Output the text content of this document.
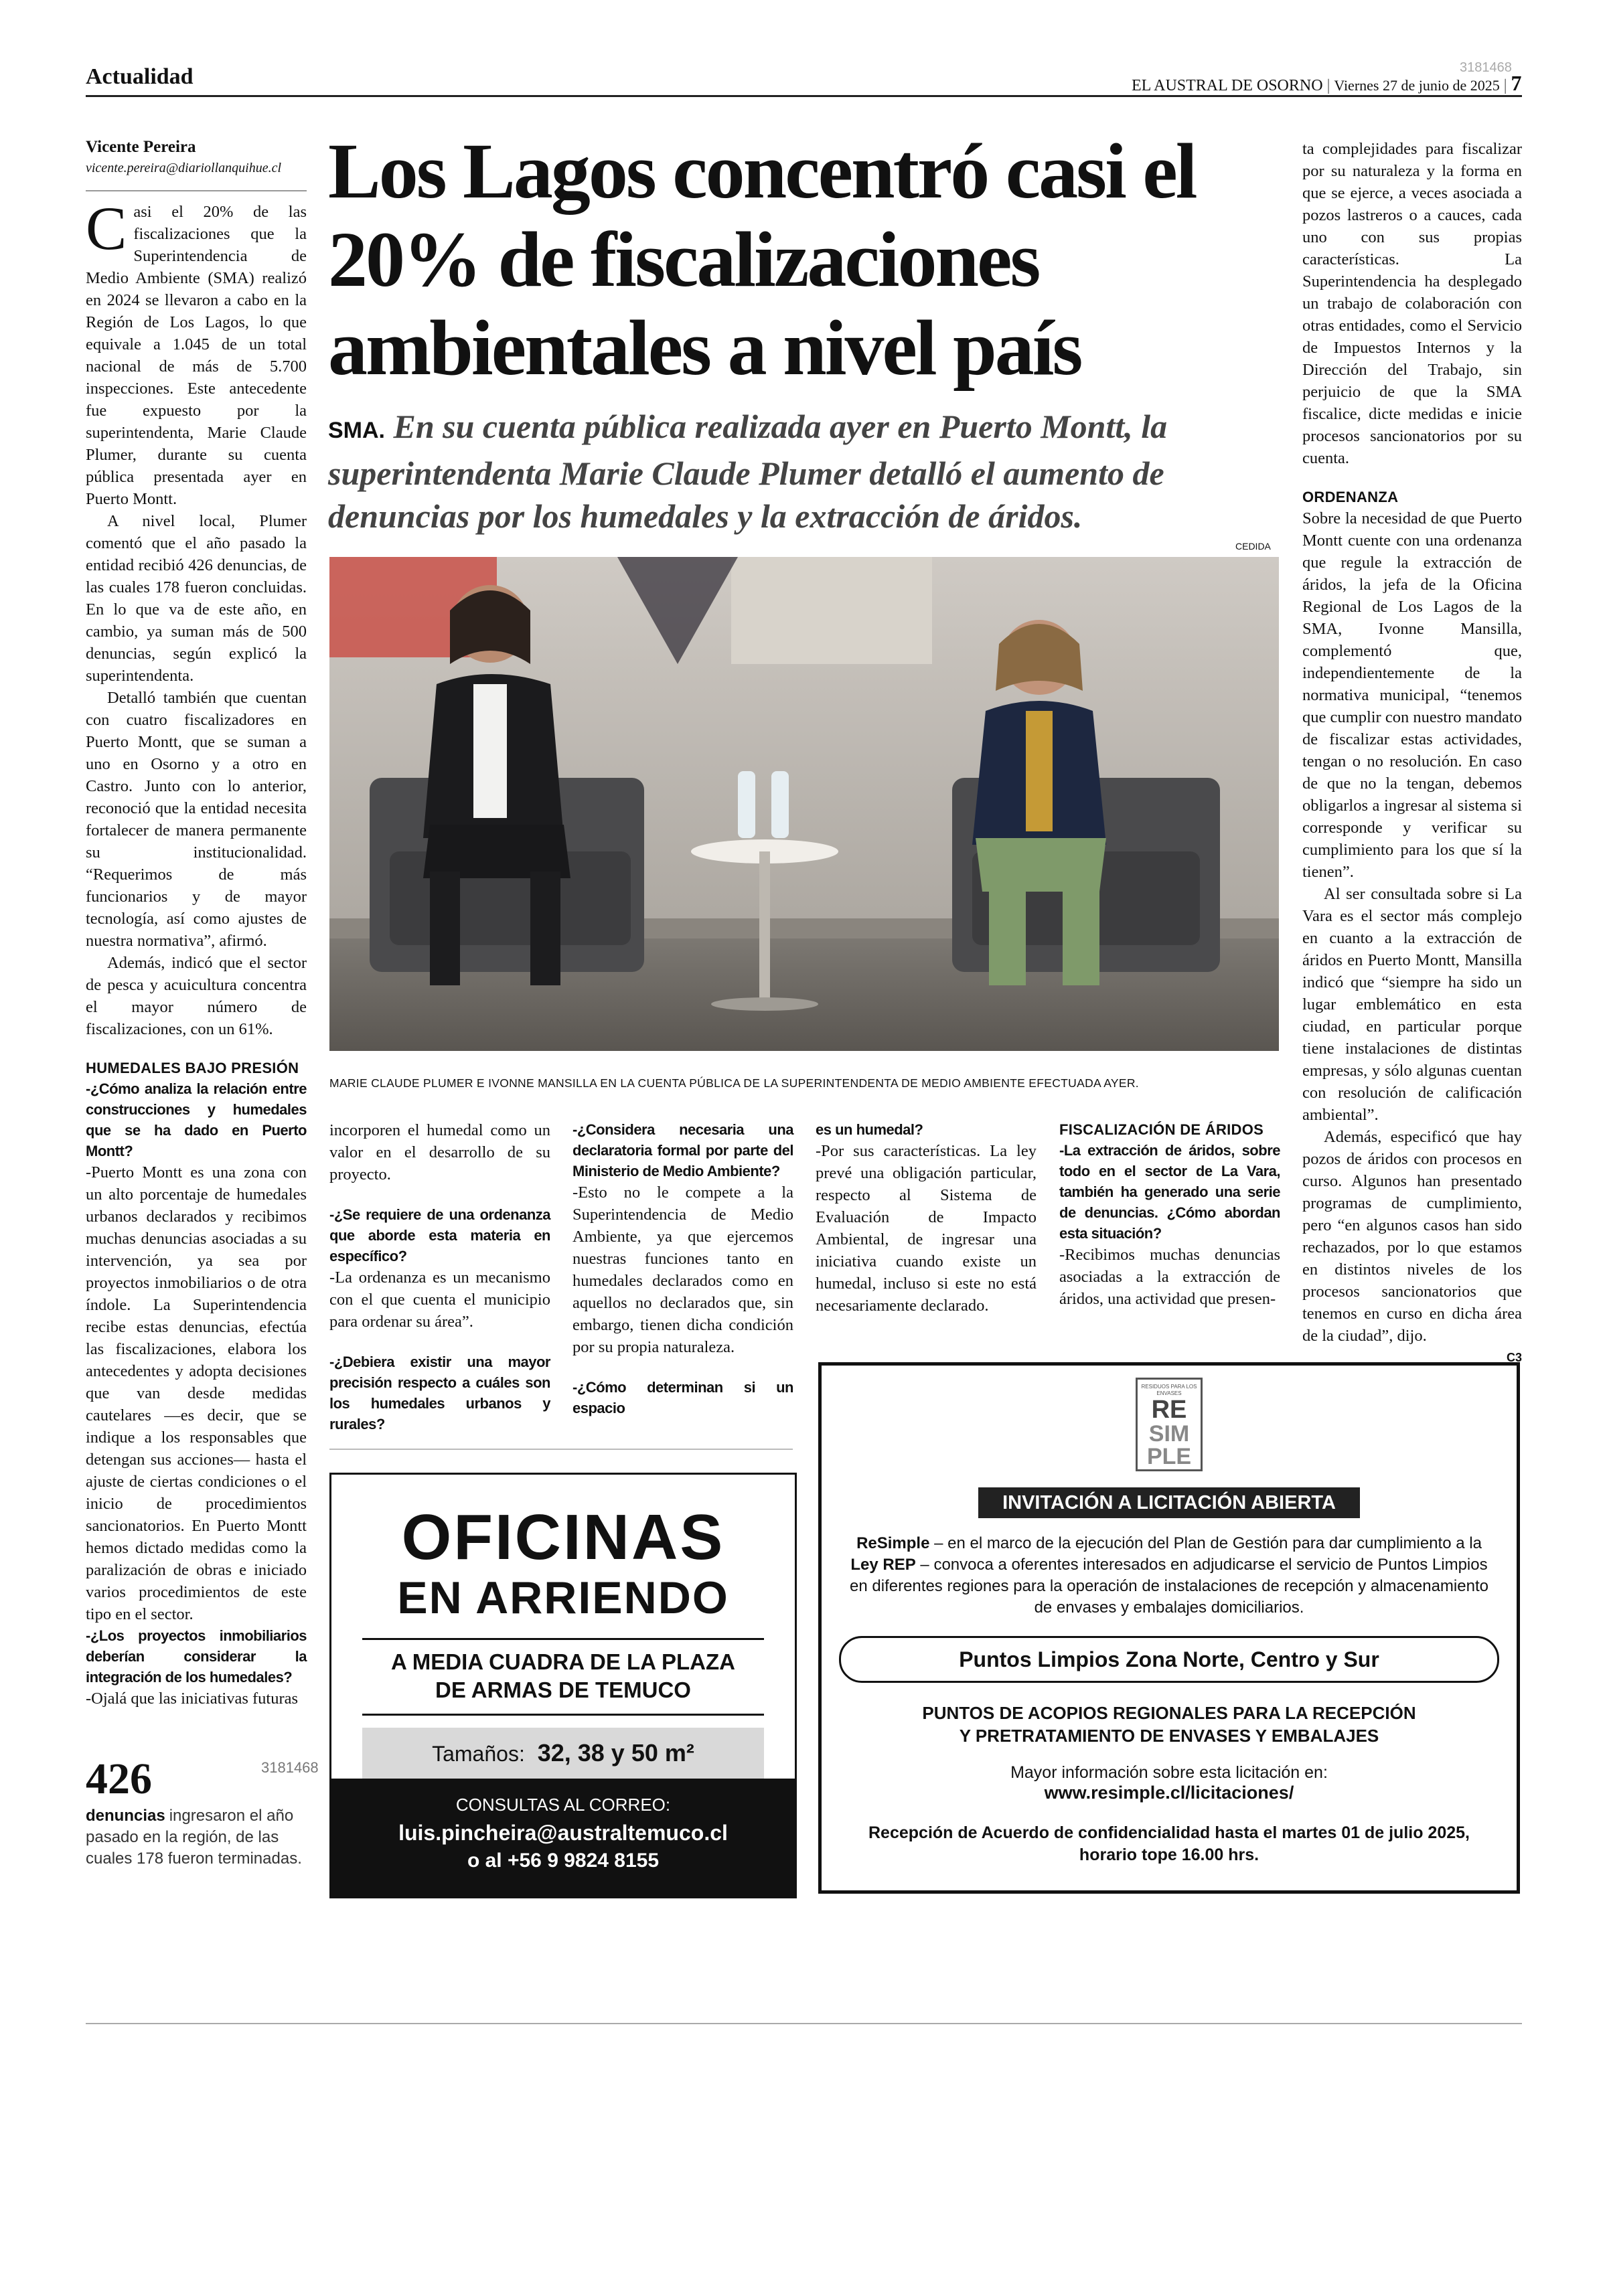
Actualidad	EL AUSTRAL DE OSORNO | Viernes 27 de junio de 2025 | 7
3181468
Vicente Pereira
vicente.pereira@diariollanquihue.cl Los Lagos concentró casi el 20% de fiscalizaciones ambientales a nivel país
SMA. En su cuenta pública realizada ayer en Puerto Montt, la superintendenta Marie Claude Plumer detalló el aumento de denuncias por los humedales y la extracción de áridos.
CEDIDA
MARIE CLAUDE PLUMER E IVONNE MANSILLA EN LA CUENTA PÚBLICA DE LA SUPERINTENDENTA DE MEDIO AMBIENTE EFECTUADA AYER.

Casi el 20% de las fiscalizaciones que la Superintendencia de Medio Ambiente (SMA) realizó en 2024 se llevaron a cabo en la Región de Los Lagos, lo que equivale a 1.045 de un total nacional de más de 5.700 inspecciones. Este antecedente fue expuesto por la superintendenta, Marie Claude Plumer, durante su cuenta pública presentada ayer en Puerto Montt.

A nivel local, Plumer comentó que el año pasado la entidad recibió 426 denuncias, de las cuales 178 fueron concluidas. En lo que va de este año, en cambio, ya suman más de 500 denuncias, según explicó la superintendenta.

Detalló también que cuentan con cuatro fiscalizadores en Puerto Montt, que se suman a uno en Osorno y a otro en Castro. Junto con lo anterior, reconoció que la entidad necesita fortalecer de manera permanente su institucionalidad. “Requerimos de más funcionarios y de mayor tecnología, así como ajustes de nuestra normativa”, afirmó.

Además, indicó que el sector de pesca y acuicultura concentra el mayor número de fiscalizaciones, con un 61%.

HUMEDALES BAJO PRESIÓN

-¿Cómo analiza la relación entre construcciones y humedales que se ha dado en Puerto Montt?

-Puerto Montt es una zona con un alto porcentaje de humedales urbanos declarados y recibimos muchas denuncias asociadas a su intervención, ya sea por proyectos inmobiliarios o de otra índole. La Superintendencia recibe estas denuncias, efectúa las fiscalizaciones, elabora los antecedentes y adopta decisiones que van desde medidas cautelares —es decir, que se indique a los responsables que detengan sus acciones— hasta el ajuste de ciertas condiciones o el inicio de procedimientos sancionatorios. En Puerto Montt hemos dictado medidas como la paralización de obras e iniciado varios procedimientos de este tipo en el sector.

-¿Los proyectos inmobiliarios deberían considerar la integración de los humedales?

-Ojalá que las iniciativas futuras

426
denuncias ingresaron el año pasado en la región, de las cuales 178 fueron terminadas.
3181468

incorporen el humedal como un valor en el desarrollo de su proyecto.

-¿Se requiere de una ordenanza que aborde esta materia en específico?

-La ordenanza es un mecanismo con el que cuenta el municipio para ordenar su área”.

-¿Debiera existir una mayor precisión respecto a cuáles son los humedales urbanos y rurales?

-¿Considera necesaria una declaratoria formal por parte del Ministerio de Medio Ambiente?

-Esto no le compete a la Superintendencia de Medio Ambiente, ya que ejercemos nuestras funciones tanto en humedales declarados como en aquellos no declarados que, sin embargo, tienen dicha condición por su propia naturaleza.

-¿Cómo determinan si un espacio

es un humedal?

-Por sus características. La ley prevé una obligación particular, respecto al Sistema de Evaluación de Impacto Ambiental, de ingresar una iniciativa cuando existe un humedal, incluso si este no está necesariamente declarado.

FISCALIZACIÓN DE ÁRIDOS

-La extracción de áridos, sobre todo en el sector de La Vara, también ha generado una serie de denuncias. ¿Cómo abordan esta situación?

-Recibimos muchas denuncias asociadas a la extracción de áridos, una actividad que presen-

ta complejidades para fiscalizar por su naturaleza y la forma en que se ejerce, a veces asociada a pozos lastreros o a cauces, cada uno con sus propias características. La Superintendencia ha desplegado un trabajo de colaboración con otras entidades, como el Servicio de Impuestos Internos y la Dirección del Trabajo, sin perjuicio de que la SMA fiscalice, dicte medidas e inicie procesos sancionatorios por su cuenta.

ORDENANZA

Sobre la necesidad de que Puerto Montt cuente con una ordenanza que regule la extracción de áridos, la jefa de la Oficina Regional de Los Lagos de la SMA, Ivonne Mansilla, complementó que, independientemente de la normativa municipal, “tenemos que cumplir con nuestro mandato de fiscalizar estas actividades, tengan o no resolución. En caso de que no la tengan, debemos obligarlos a ingresar al sistema si corresponde y verificar su cumplimiento para los que sí la tienen”.

Al ser consultada sobre si La Vara es el sector más complejo en cuanto a la extracción de áridos en Puerto Montt, Mansilla indicó que “siempre ha sido un lugar emblemático en esta ciudad, en particular porque tiene instalaciones de distintas empresas, y sólo algunas cuentan con resolución de calificación ambiental”.

Además, especificó que hay pozos de áridos con procesos en curso. Algunos han presentado programas de cumplimiento, pero “en algunos casos han sido rechazados, por lo que estamos en distintos niveles de los procesos sancionatorios que tenemos en curso en dicha área de la ciudad”, dijo.

C3
OFICINAS
EN ARRIENDO
A MEDIA CUADRA DE LA PLAZA
DE ARMAS DE TEMUCO
Tamaños: 32, 38 y 50 m²
CONSULTAS AL CORREO:
luis.pincheira@australtemuco.cl
o al +56 9 9824 8155
RESIDUOS PARA LOS ENVASES
RE
SIM
PLE
INVITACIÓN A LICITACIÓN ABIERTA
ReSimple – en el marco de la ejecución del Plan de Gestión para dar cumplimiento a la Ley REP – convoca a oferentes interesados en adjudicarse el servicio de Puntos Limpios en diferentes regiones para la operación de instalaciones de recepción y almacenamiento de envases y embalajes domiciliarios.
Puntos Limpios Zona Norte, Centro y Sur
PUNTOS DE ACOPIOS REGIONALES PARA LA RECEPCIÓN Y PRETRATAMIENTO DE ENVASES Y EMBALAJES
Mayor información sobre esta licitación en:
www.resimple.cl/licitaciones/
Recepción de Acuerdo de confidencialidad hasta el martes 01 de julio 2025, horario tope 16.00 hrs.
